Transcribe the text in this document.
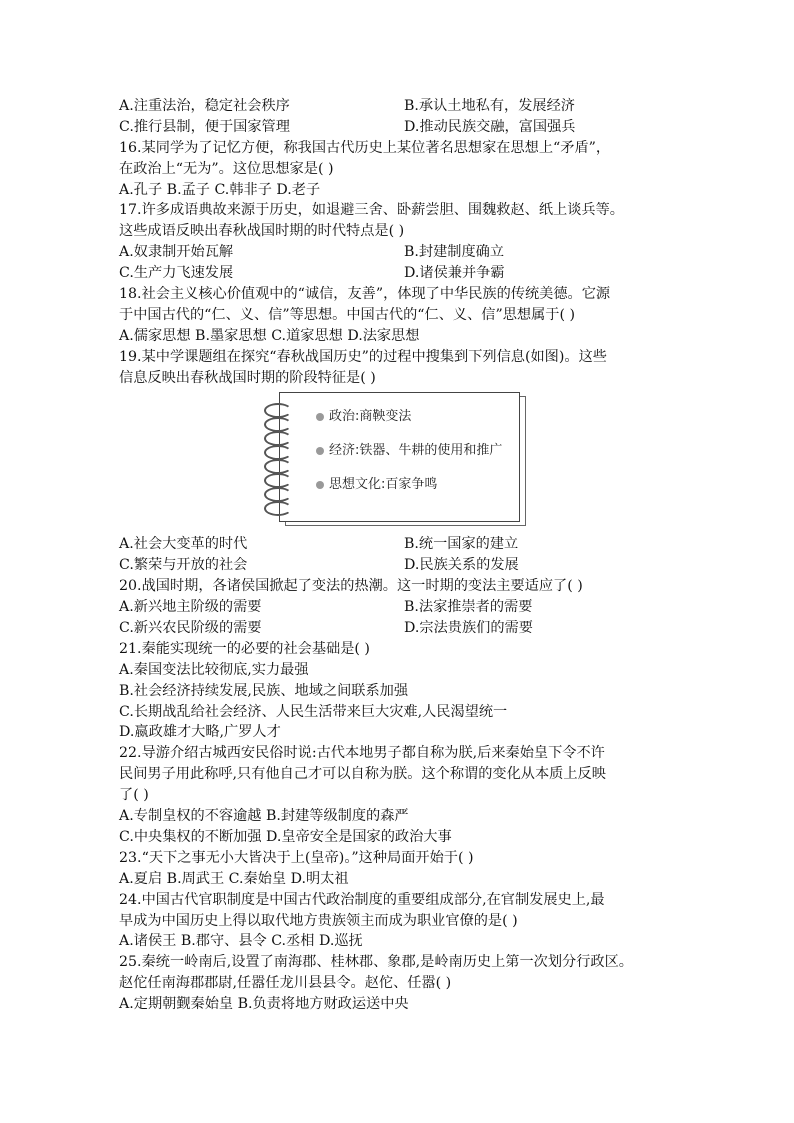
A.注重法治，稳定社会秩序	B.承认土地私有，发展经济
C.推行县制，便于国家管理	D.推动民族交融，富国强兵
16.某同学为了记忆方便，称我国古代历史上某位著名思想家在思想上“矛盾”，
在政治上“无为”。这位思想家是( )
A.孔子 B.孟子 C.韩非子 D.老子
17.许多成语典故来源于历史，如退避三舍、卧薪尝胆、围魏救赵、纸上谈兵等。
这些成语反映出春秋战国时期的时代特点是( )
A.奴隶制开始瓦解	B.封建制度确立
C.生产力飞速发展	D.诸侯兼并争霸
18.社会主义核心价值观中的“诚信，友善”，体现了中华民族的传统美德。它源
于中国古代的“仁、义、信”等思想。中国古代的“仁、义、信”思想属于( )
A.儒家思想 B.墨家思想 C.道家思想 D.法家思想
19.某中学课题组在探究“春秋战国历史”的过程中搜集到下列信息(如图)。这些
信息反映出春秋战国时期的阶段特征是( )
政治:商鞅变法
经济:铁器、牛耕的使用和推广
思想文化:百家争鸣
A.社会大变革的时代	B.统一国家的建立
C.繁荣与开放的社会	D.民族关系的发展
20.战国时期，各诸侯国掀起了变法的热潮。这一时期的变法主要适应了( )
A.新兴地主阶级的需要	B.法家推崇者的需要
C.新兴农民阶级的需要	D.宗法贵族们的需要
21.秦能实现统一的必要的社会基础是( )
A.秦国变法比较彻底,实力最强
B.社会经济持续发展,民族、地域之间联系加强
C.长期战乱给社会经济、人民生活带来巨大灾难,人民渴望统一
D.嬴政雄才大略,广罗人才
22.导游介绍古城西安民俗时说:古代本地男子都自称为朕,后来秦始皇下令不许
民间男子用此称呼,只有他自己才可以自称为朕。这个称谓的变化从本质上反映
了( )
A.专制皇权的不容逾越 B.封建等级制度的森严
C.中央集权的不断加强 D.皇帝安全是国家的政治大事
23.“天下之事无小大皆决于上(皇帝)。”这种局面开始于( )
A.夏启 B.周武王 C.秦始皇 D.明太祖
24.中国古代官职制度是中国古代政治制度的重要组成部分,在官制发展史上,最
早成为中国历史上得以取代地方贵族领主而成为职业官僚的是( )
A.诸侯王 B.郡守、县令 C.丞相 D.巡抚
25.秦统一岭南后,设置了南海郡、桂林郡、象郡,是岭南历史上第一次划分行政区。
赵佗任南海郡郡尉,任嚣任龙川县县令。赵佗、任嚣( )
A.定期朝觐秦始皇 B.负责将地方财政运送中央
